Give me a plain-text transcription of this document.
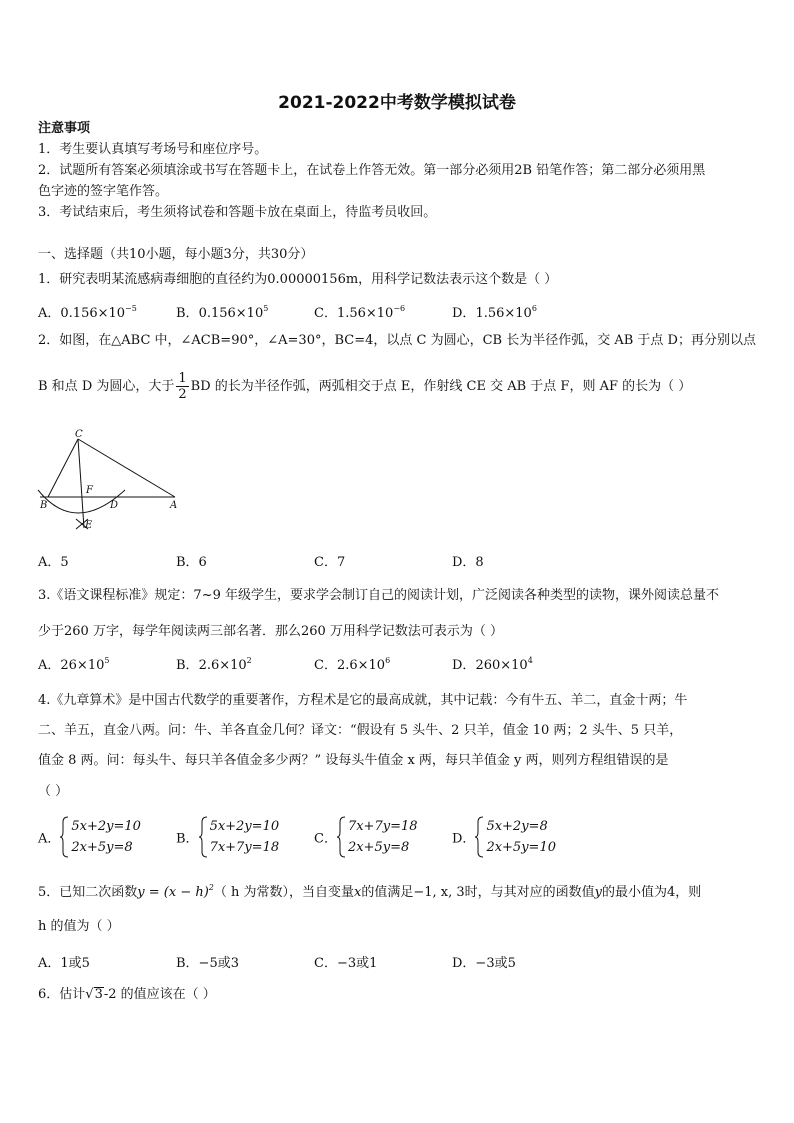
2021-2022中考数学模拟试卷
注意事项
1．考生要认真填写考场号和座位序号。
2．试题所有答案必须填涂或书写在答题卡上，在试卷上作答无效。第一部分必须用2B 铅笔作答；第二部分必须用黑
色字迹的签字笔作答。
3．考试结束后，考生须将试卷和答题卡放在桌面上，待监考员收回。
一、选择题（共10小题，每小题3分，共30分）
1．研究表明某流感病毒细胞的直径约为0.00000156m，用科学记数法表示这个数是（ ）
A．$0.156\times 10^{-5}$	B．$0.156\times 10^5$	C．$1.56\times 10^{-6}$	D．$1.56\times 10^6$
2．如图，在△ABC 中，∠ACB=90°，∠A=30°，BC=4，以点 C 为圆心，CB 长为半径作弧，交 AB 于点 D；再分别以点
B 和点 D 为圆心，大于 $\frac{1}{2}$ BD 的长为半径作弧，两弧相交于点 E，作射线 CE 交 AB 于点 F，则 AF 的长为（ ）
C
F
B	D	A
E
A．5	B．6	C．7	D．8
3.《语文课程标准》规定：7~9 年级学生，要求学会制订自己的阅读计划，广泛阅读各种类型的读物，课外阅读总量不
少于260 万字，每学年阅读两三部名著．那么260 万用科学记数法可表示为（ ）
A．$26\times 10^5$	B．$2.6\times 10^2$	C．$2.6\times 10^6$	D．$260\times 10^4$
4.《九章算术》是中国古代数学的重要著作，方程术是它的最高成就，其中记载：今有牛五、羊二，直金十两；牛
二、羊五，直金八两。问：牛、羊各直金几何？译文：“假设有 5 头牛、2 只羊，值金 10 两；2 头牛、5 只羊，
值金 8 两。问：每头牛、每只羊各值金多少两？” 设每头牛值金 x 两，每只羊值金 y 两，则列方程组错误的是
（ ）
A．
5x+2y=10
2x+5y=8
B．
5x+2y=10
7x+7y=18
C．
7x+7y=18
2x+5y=8
D．
5x+2y=8
2x+5y=10
5．已知二次函数$y = (x - h)^2$（ h 为常数），当自变量x的值满足−1, x, 3时，与其对应的函数值y的最小值为4，则
h 的值为（ ）
A．1或5	B．−5或3	C．−3或1	D．−3或5
6．估计√3-2 的值应该在（ ）
